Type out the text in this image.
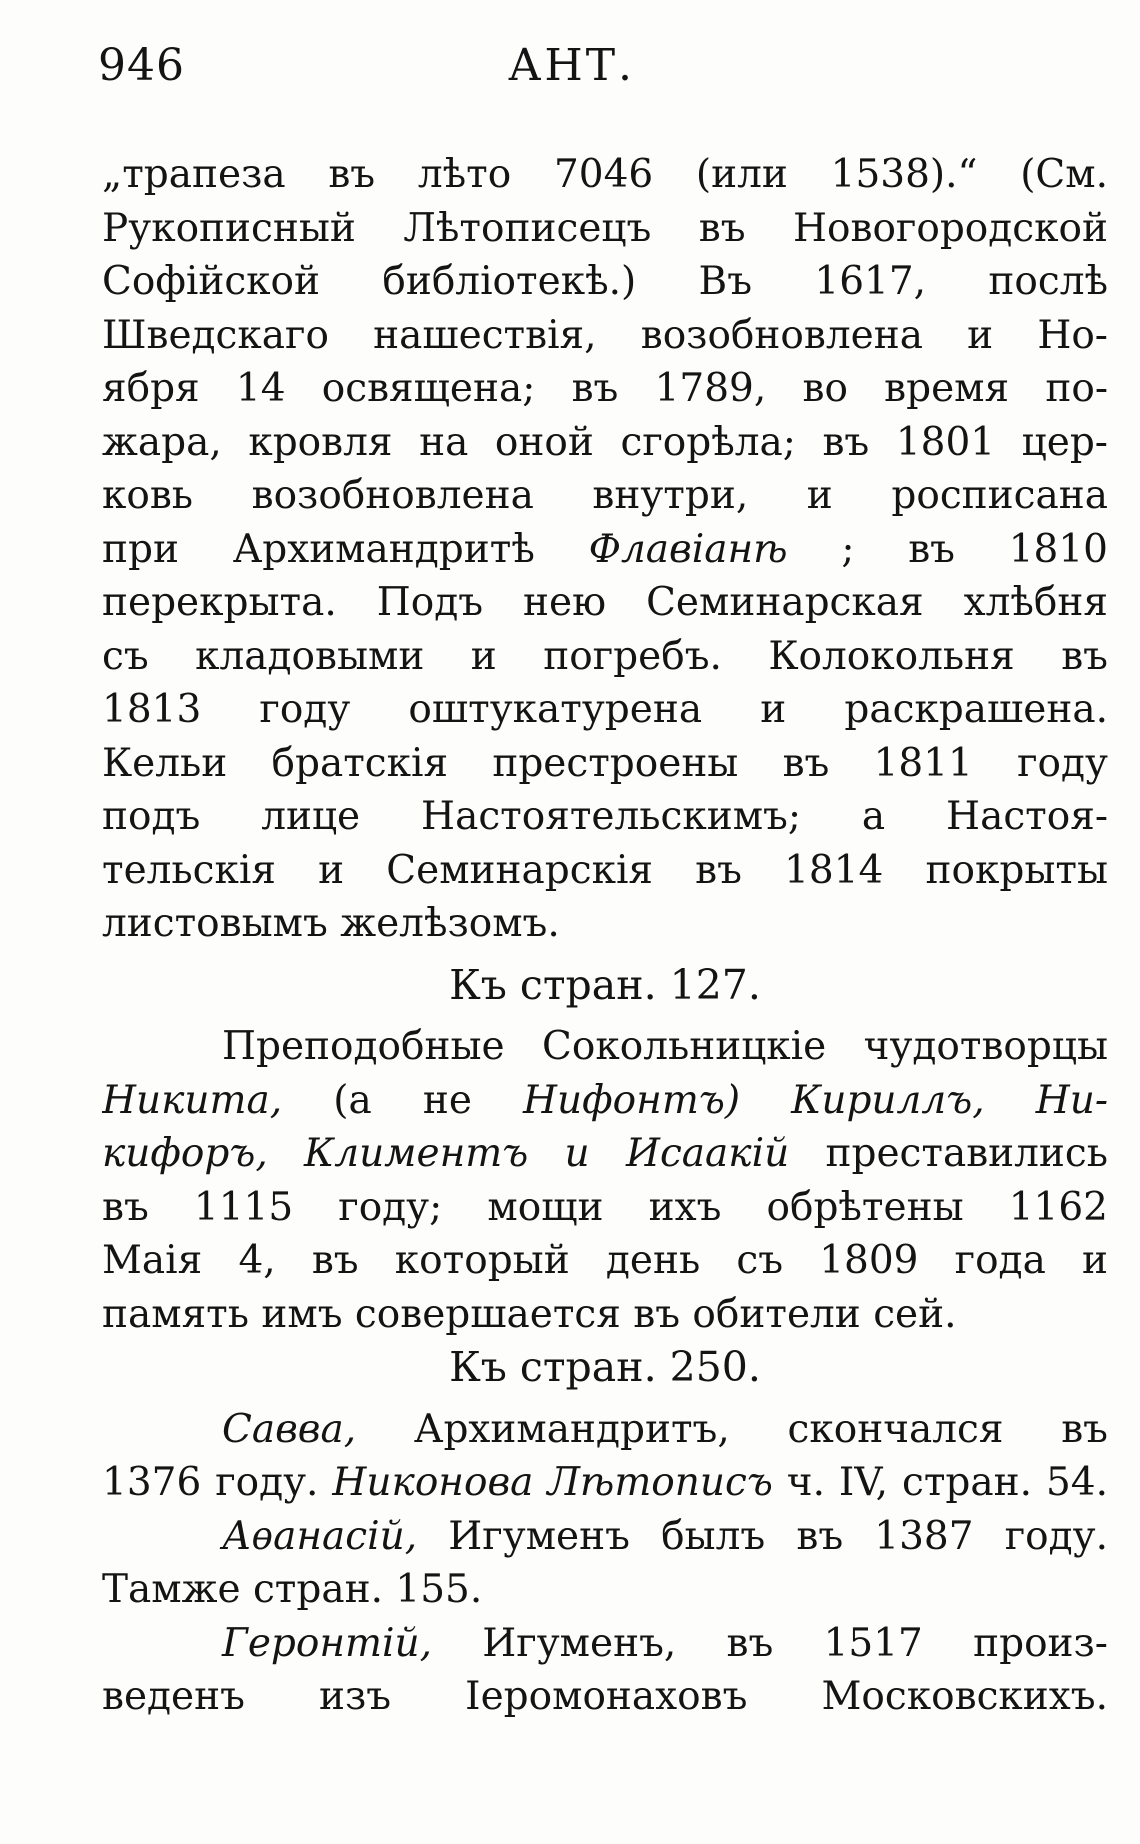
946	АНТ.
„трапеза въ лѣто 7046 (или 1538).“ (См.
Рукописный Лѣтописецъ въ Новогородской
Софійской библіотекѣ.) Въ 1617, послѣ
Шведскаго нашествія, возобновлена и Но-
ября 14 освящена; въ 1789, во время по-
жара, кровля на оной сгорѣла; въ 1801 цер-
ковь возобновлена внутри, и росписана
при Архимандритѣ Флавіанѣ ; въ 1810
перекрыта. Подъ нею Семинарская хлѣбня
съ кладовыми и погребъ. Колокольня въ
1813 году оштукатурена и раскрашена.
Кельи братскія престроены въ 1811 году
подъ лице Настоятельскимъ; а Настоя-
тельскія и Семинарскія въ 1814 покрыты
листовымъ желѣзомъ.
Къ стран. 127.
Преподобные Сокольницкіе чудотворцы
Никита, (а не Нифонтъ) Кириллъ, Ни-
кифоръ, Климентъ и Исаакій преставились
въ 1115 году; мощи ихъ обрѣтены 1162
Маія 4, въ который день съ 1809 года и
память имъ совершается въ обители сей.
Къ стран. 250.
Савва, Архимандритъ, скончался въ
1376 году. Никонова Лѣтописъ ч. IV, стран. 54.
Аѳанасій, Игуменъ былъ въ 1387 году.
Тамже стран. 155.
Геронтій, Игуменъ, въ 1517 произ-
веденъ изъ Іеромонаховъ Московскихъ.
